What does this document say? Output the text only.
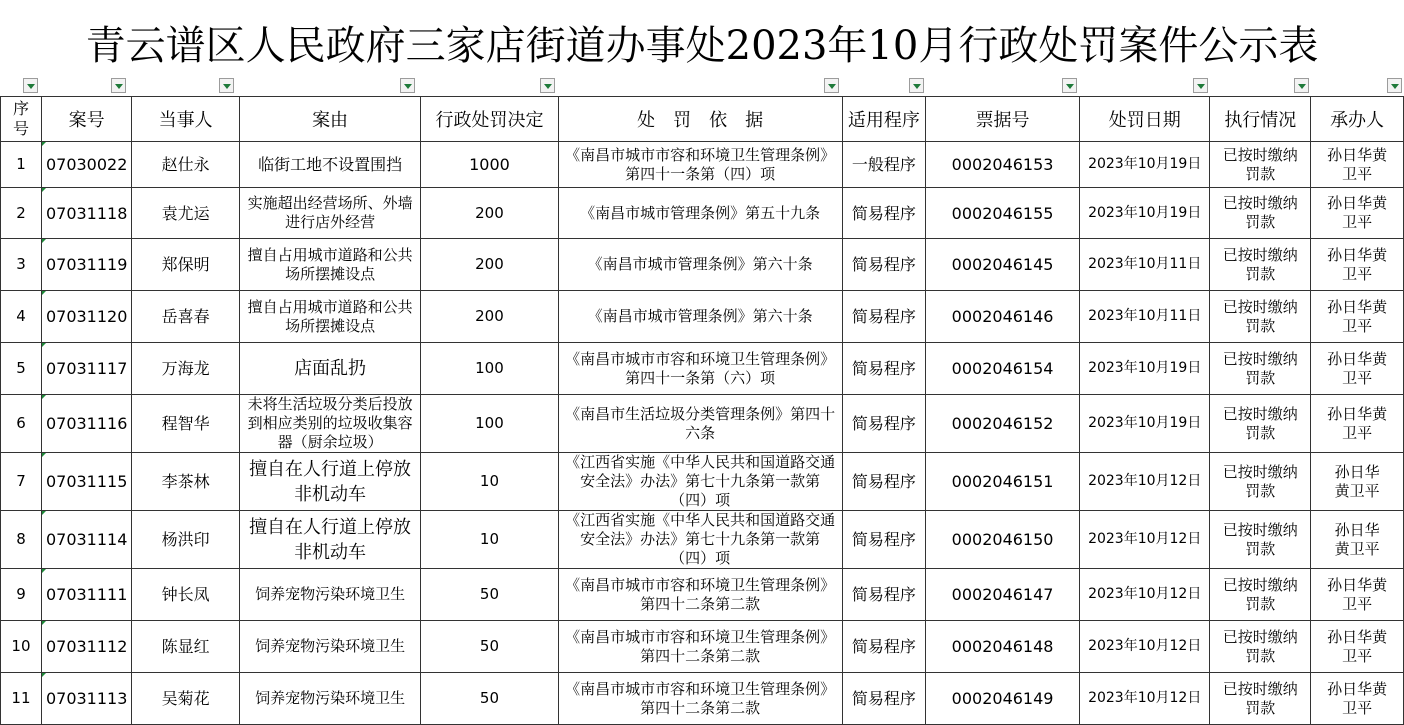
青云谱区人民政府三家店街道办事处2023年10月行政处罚案件公示表
序号	案号	当事人	案由	行政处罚决定	处　罚　依　据	适用程序	票据号	处罚日期	执行情况	承办人
1	07030022	赵仕永	临街工地不设置围挡	1000	《南昌市城市市容和环境卫生管理条例》第四十一条第（四）项	一般程序	0002046153	2023年10月19日	已按时缴纳罚款	孙日华黄卫平
2	07031118	袁尤运	实施超出经营场所、外墙进行店外经营	200	《南昌市城市管理条例》第五十九条	简易程序	0002046155	2023年10月19日	已按时缴纳罚款	孙日华黄卫平
3	07031119	郑保明	擅自占用城市道路和公共场所摆摊设点	200	《南昌市城市管理条例》第六十条	简易程序	0002046145	2023年10月11日	已按时缴纳罚款	孙日华黄卫平
4	07031120	岳喜春	擅自占用城市道路和公共场所摆摊设点	200	《南昌市城市管理条例》第六十条	简易程序	0002046146	2023年10月11日	已按时缴纳罚款	孙日华黄卫平
5	07031117	万海龙	店面乱扔	100	《南昌市城市市容和环境卫生管理条例》第四十一条第（六）项	简易程序	0002046154	2023年10月19日	已按时缴纳罚款	孙日华黄卫平
6	07031116	程智华	未将生活垃圾分类后投放到相应类别的垃圾收集容器（厨余垃圾）	100	《南昌市生活垃圾分类管理条例》第四十六条	简易程序	0002046152	2023年10月19日	已按时缴纳罚款	孙日华黄卫平
7	07031115	李茶林	擅自在人行道上停放非机动车	10	《江西省实施《中华人民共和国道路交通安全法》办法》第七十九条第一款第（四）项	简易程序	0002046151	2023年10月12日	已按时缴纳罚款	孙日华　黄卫平
8	07031114	杨洪印	擅自在人行道上停放非机动车	10	《江西省实施《中华人民共和国道路交通安全法》办法》第七十九条第一款第（四）项	简易程序	0002046150	2023年10月12日	已按时缴纳罚款	孙日华　黄卫平
9	07031111	钟长凤	饲养宠物污染环境卫生	50	《南昌市城市市容和环境卫生管理条例》第四十二条第二款	简易程序	0002046147	2023年10月12日	已按时缴纳罚款	孙日华黄卫平
10	07031112	陈显红	饲养宠物污染环境卫生	50	《南昌市城市市容和环境卫生管理条例》第四十二条第二款	简易程序	0002046148	2023年10月12日	已按时缴纳罚款	孙日华黄卫平
11	07031113	吴菊花	饲养宠物污染环境卫生	50	《南昌市城市市容和环境卫生管理条例》第四十二条第二款	简易程序	0002046149	2023年10月12日	已按时缴纳罚款	孙日华黄卫平
